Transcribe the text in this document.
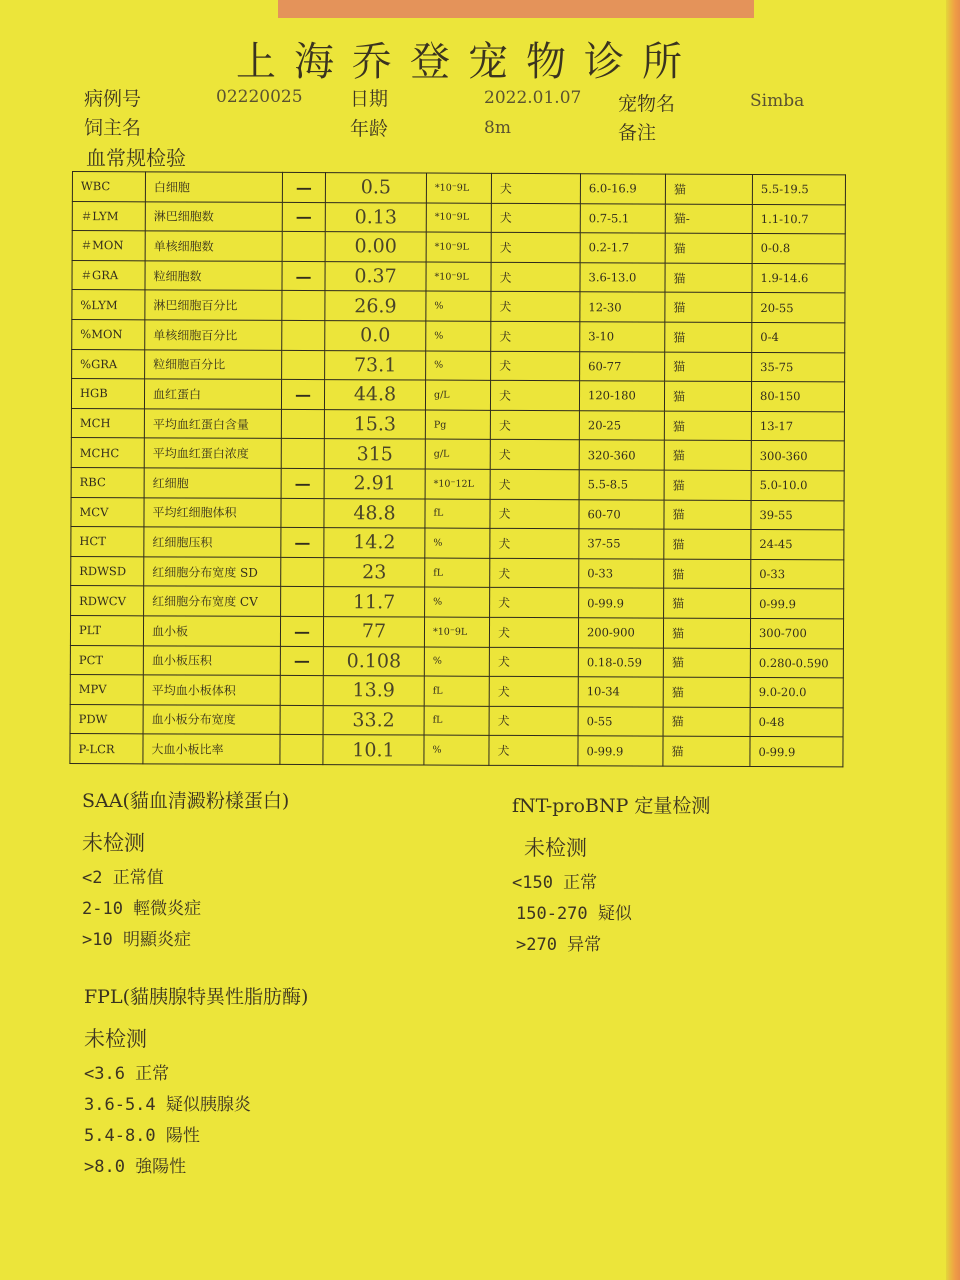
上海乔登宠物诊所
病例号	02220025 日期	2022.01.07 宠物名	Simba
饲主名	年龄	8m	备注
血常规检验
WBC	白细胞	—	0.5	*10⁻9L	犬	6.0-16.9	猫	5.5-19.5
＃LYM	淋巴细胞数	—	0.13	*10⁻9L	犬	0.7-5.1	猫-	1.1-10.7
＃MON	单核细胞数		0.00	*10⁻9L	犬	0.2-1.7	猫	0-0.8
＃GRA	粒细胞数	—	0.37	*10⁻9L	犬	3.6-13.0	猫	1.9-14.6
%LYM	淋巴细胞百分比		26.9	%	犬	12-30	猫	20-55
%MON	单核细胞百分比		0.0	%	犬	3-10	猫	0-4
%GRA	粒细胞百分比		73.1	%	犬	60-77	猫	35-75
HGB	血红蛋白	—	44.8	g/L	犬	120-180	猫	80-150
MCH	平均血红蛋白含量		15.3	Pg	犬	20-25	猫	13-17
MCHC	平均血红蛋白浓度		315	g/L	犬	320-360	猫	300-360
RBC	红细胞	—	2.91	*10⁻12L	犬	5.5-8.5	猫	5.0-10.0
MCV	平均红细胞体积		48.8	fL	犬	60-70	猫	39-55
HCT	红细胞压积	—	14.2	%	犬	37-55	猫	24-45
RDWSD	红细胞分布宽度 SD		23	fL	犬	0-33	猫	0-33
RDWCV	红细胞分布宽度 CV		11.7	%	犬	0-99.9	猫	0-99.9
PLT	血小板	—	77	*10⁻9L	犬	200-900	猫	300-700
PCT	血小板压积	—	0.108	%	犬	0.18-0.59	猫	0.280-0.590
MPV	平均血小板体积		13.9	fL	犬	10-34	猫	9.0-20.0
PDW	血小板分布宽度		33.2	fL	犬	0-55	猫	0-48
P-LCR	大血小板比率		10.1	%	犬	0-99.9	猫	0-99.9
SAA(貓血清澱粉樣蛋白)
未检测
<2 正常值
2-10 輕微炎症
>10 明顯炎症
fNT-proBNP 定量检测
未检测
<150 正常
150-270 疑似
>270 异常
FPL(貓胰腺特異性脂肪酶)
未检测
<3.6 正常
3.6-5.4 疑似胰腺炎
5.4-8.0 陽性
>8.0 強陽性
